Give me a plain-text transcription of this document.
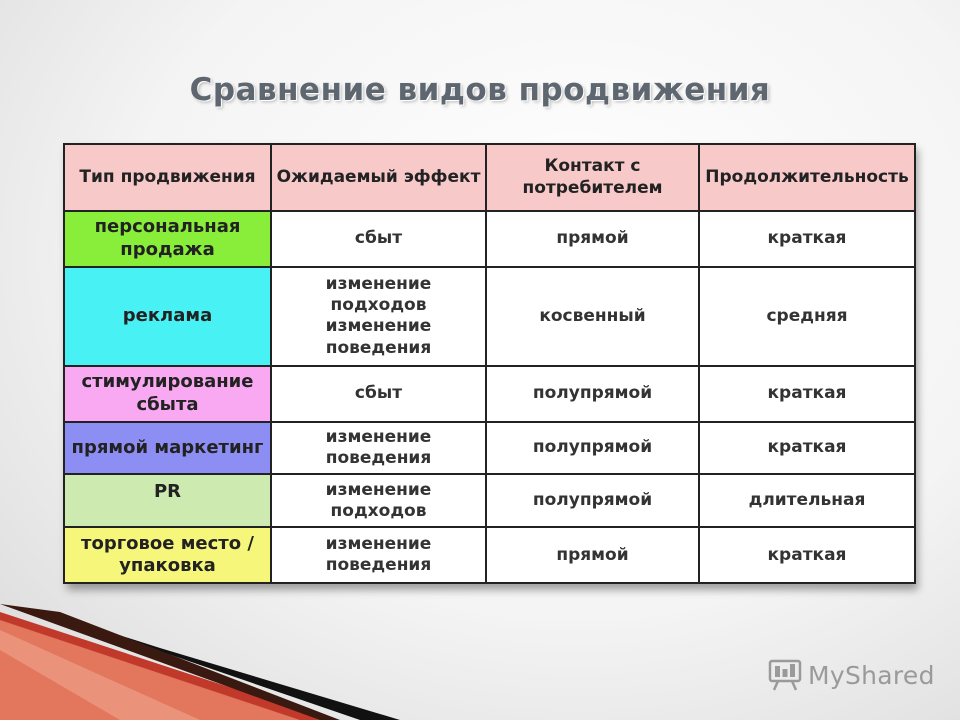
Сравнение видов продвижения
Тип продвижения	Ожидаемый эффект	Контакт с потребителем	Продолжительность
персональная продажа	сбыт	прямой	краткая
реклама	изменение подходов изменение поведения	косвенный	средняя
стимулирование сбыта	сбыт	полупрямой	краткая
прямой маркетинг	изменение поведения	полупрямой	краткая
PR	изменение подходов	полупрямой	длительная
торговое место / упаковка	изменение поведения	прямой	краткая
MyShared
